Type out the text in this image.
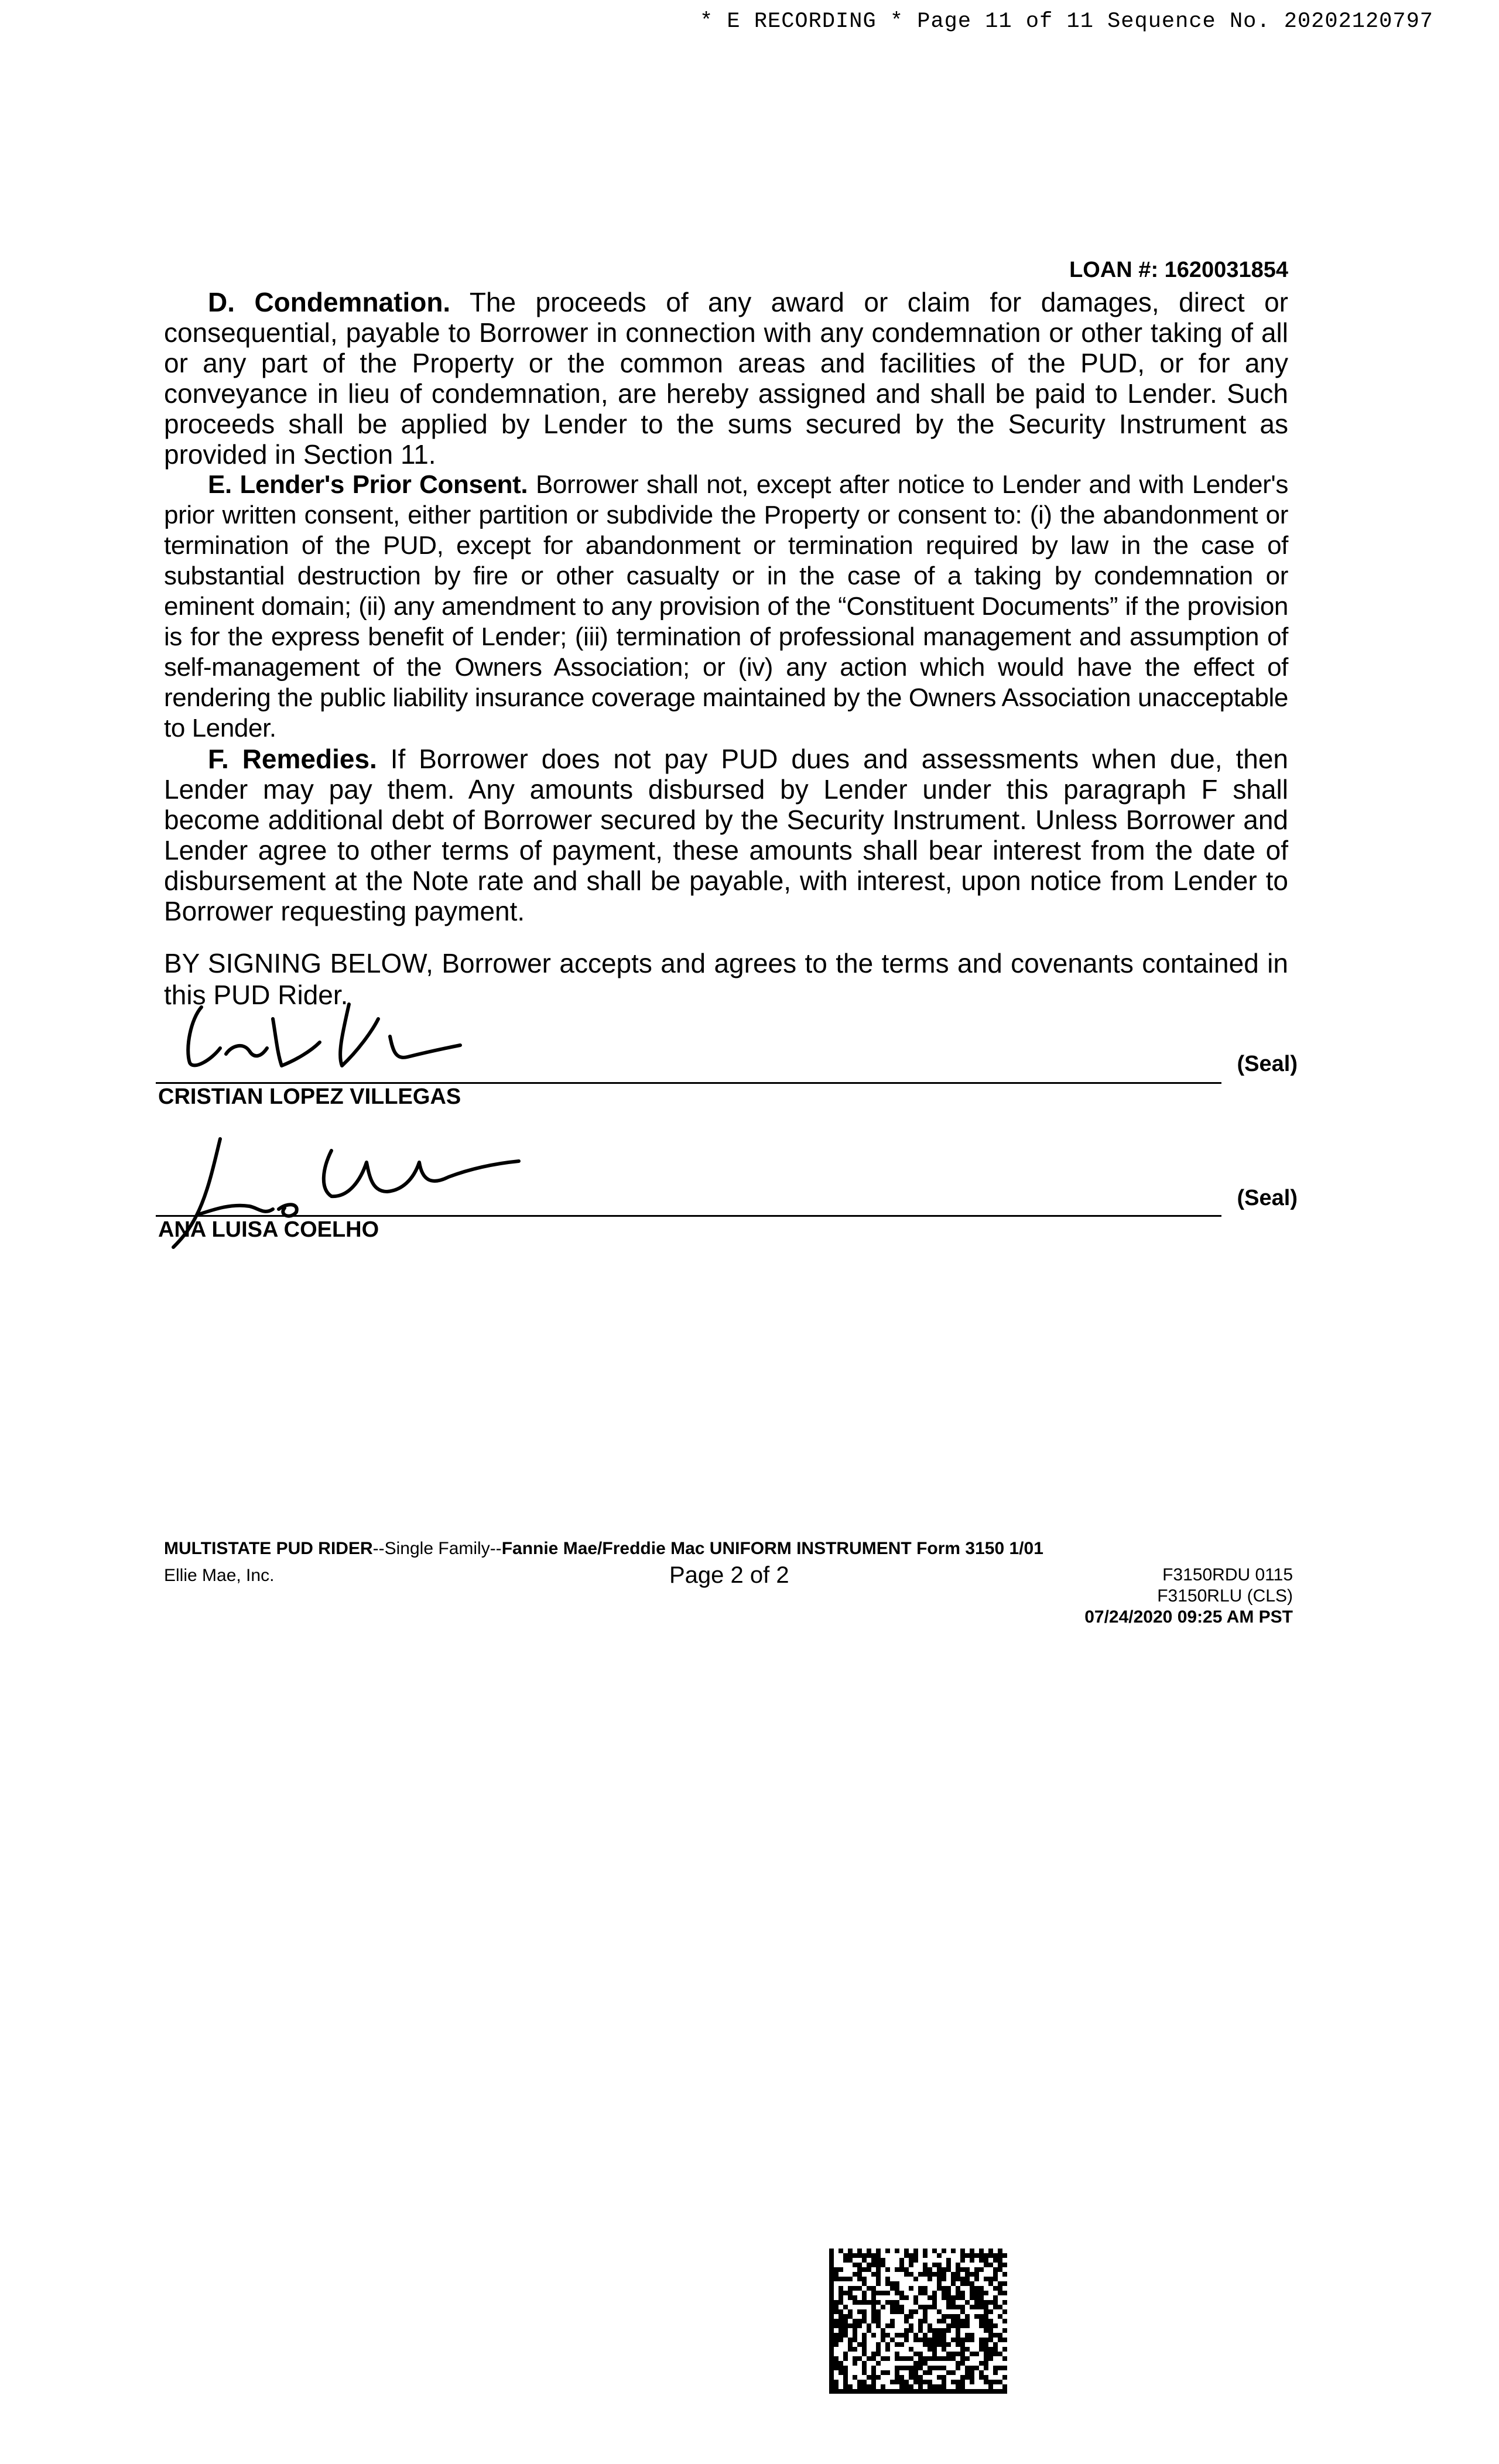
* E RECORDING * Page 11 of 11 Sequence No. 20202120797
LOAN #: 1620031854

D. Condemnation. The proceeds of any award or claim for damages, direct or consequential, payable to Borrower in connection with any condemnation or other taking of all or any part of the Property or the common areas and facilities of the PUD, or for any conveyance in lieu of condemnation, are hereby assigned and shall be paid to Lender. Such proceeds shall be applied by Lender to the sums secured by the Security Instrument as provided in Section 11.

E. Lender's Prior Consent. Borrower shall not, except after notice to Lender and with Lender's prior written consent, either partition or subdivide the Property or consent to: (i) the abandonment or termination of the PUD, except for abandonment or termination required by law in the case of substantial destruction by fire or other casualty or in the case of a taking by condemnation or eminent domain; (ii) any amendment to any provision of the “Constituent Documents” if the provision is for the express benefit of Lender; (iii) termination of professional management and assumption of self-management of the Owners Association; or (iv) any action which would have the effect of rendering the public liability insurance coverage maintained by the Owners Association unacceptable to Lender.

F. Remedies. If Borrower does not pay PUD dues and assessments when due, then Lender may pay them. Any amounts disbursed by Lender under this paragraph F shall become additional debt of Borrower secured by the Security Instrument. Unless Borrower and Lender agree to other terms of payment, these amounts shall bear interest from the date of disbursement at the Note rate and shall be payable, with interest, upon notice from Lender to Borrower requesting payment.

BY SIGNING BELOW, Borrower accepts and agrees to the terms and covenants contained in this PUD Rider.
(Seal)
CRISTIAN LOPEZ VILLEGAS
(Seal)
ANA LUISA COELHO
MULTISTATE PUD RIDER--Single Family--Fannie Mae/Freddie Mac UNIFORM INSTRUMENT Form 3150 1/01
Ellie Mae, Inc.	Page 2 of 2	F3150RDU 0115
F3150RLU (CLS)
07/24/2020 09:25 AM PST
